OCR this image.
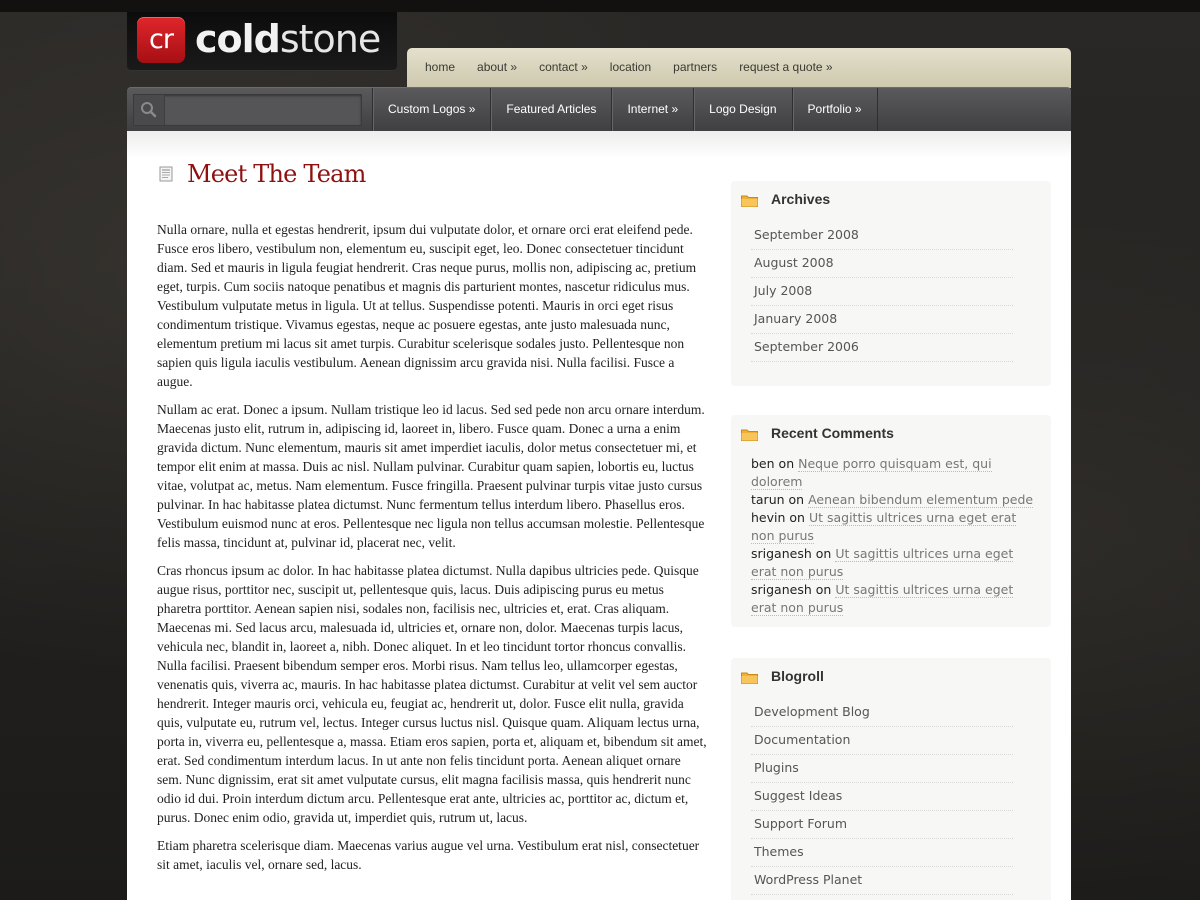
cr coldstone
home	about »	contact »	location	partners	request a quote »
Custom Logos »	Featured Articles	Internet »	Logo Design	Portfolio »
Meet The Team

Nulla ornare, nulla et egestas hendrerit, ipsum dui vulputate dolor, et ornare orci erat eleifend pede. Fusce eros libero, vestibulum non, elementum eu, suscipit eget, leo. Donec consectetuer tincidunt diam. Sed et mauris in ligula feugiat hendrerit. Cras neque purus, mollis non, adipiscing ac, pretium eget, turpis. Cum sociis natoque penatibus et magnis dis parturient montes, nascetur ridiculus mus. Vestibulum vulputate metus in ligula. Ut at tellus. Suspendisse potenti. Mauris in orci eget risus condimentum tristique. Vivamus egestas, neque ac posuere egestas, ante justo malesuada nunc, elementum pretium mi lacus sit amet turpis. Curabitur scelerisque sodales justo. Pellentesque non sapien quis ligula iaculis vestibulum. Aenean dignissim arcu gravida nisi. Nulla facilisi. Fusce a augue.

Nullam ac erat. Donec a ipsum. Nullam tristique leo id lacus. Sed sed pede non arcu ornare interdum. Maecenas justo elit, rutrum in, adipiscing id, laoreet in, libero. Fusce quam. Donec a urna a enim gravida dictum. Nunc elementum, mauris sit amet imperdiet iaculis, dolor metus consectetuer mi, et tempor elit enim at massa. Duis ac nisl. Nullam pulvinar. Curabitur quam sapien, lobortis eu, luctus vitae, volutpat ac, metus. Nam elementum. Fusce fringilla. Praesent pulvinar turpis vitae justo cursus pulvinar. In hac habitasse platea dictumst. Nunc fermentum tellus interdum libero. Phasellus eros. Vestibulum euismod nunc at eros. Pellentesque nec ligula non tellus accumsan molestie. Pellentesque felis massa, tincidunt at, pulvinar id, placerat nec, velit.

Cras rhoncus ipsum ac dolor. In hac habitasse platea dictumst. Nulla dapibus ultricies pede. Quisque augue risus, porttitor nec, suscipit ut, pellentesque quis, lacus. Duis adipiscing purus eu metus pharetra porttitor. Aenean sapien nisi, sodales non, facilisis nec, ultricies et, erat. Cras aliquam. Maecenas mi. Sed lacus arcu, malesuada id, ultricies et, ornare non, dolor. Maecenas turpis lacus, vehicula nec, blandit in, laoreet a, nibh. Donec aliquet. In et leo tincidunt tortor rhoncus convallis. Nulla facilisi. Praesent bibendum semper eros. Morbi risus. Nam tellus leo, ullamcorper egestas, venenatis quis, viverra ac, mauris. In hac habitasse platea dictumst. Curabitur at velit vel sem auctor hendrerit. Integer mauris orci, vehicula eu, feugiat ac, hendrerit ut, dolor. Fusce elit nulla, gravida quis, vulputate eu, rutrum vel, lectus. Integer cursus luctus nisl. Quisque quam. Aliquam lectus urna, porta in, viverra eu, pellentesque a, massa. Etiam eros sapien, porta et, aliquam et, bibendum sit amet, erat. Sed condimentum interdum lacus. In ut ante non felis tincidunt porta. Aenean aliquet ornare sem. Nunc dignissim, erat sit amet vulputate cursus, elit magna facilisis massa, quis hendrerit nunc odio id dui. Proin interdum dictum arcu. Pellentesque erat ante, ultricies ac, porttitor ac, dictum et, purus. Donec enim odio, gravida ut, imperdiet quis, rutrum ut, lacus.

Etiam pharetra scelerisque diam. Maecenas varius augue vel urna. Vestibulum erat nisl, consectetuer sit amet, iaculis vel, ornare sed, lacus.

Archives
September 2008
August 2008
July 2008
January 2008
September 2006
Recent Comments

ben on Neque porro quisquam est, qui dolorem

tarun on Aenean bibendum elementum pede

hevin on Ut sagittis ultrices urna eget erat non purus

sriganesh on Ut sagittis ultrices urna eget erat non purus

sriganesh on Ut sagittis ultrices urna eget erat non purus

Blogroll
Development Blog
Documentation
Plugins
Suggest Ideas
Support Forum
Themes
WordPress Planet
